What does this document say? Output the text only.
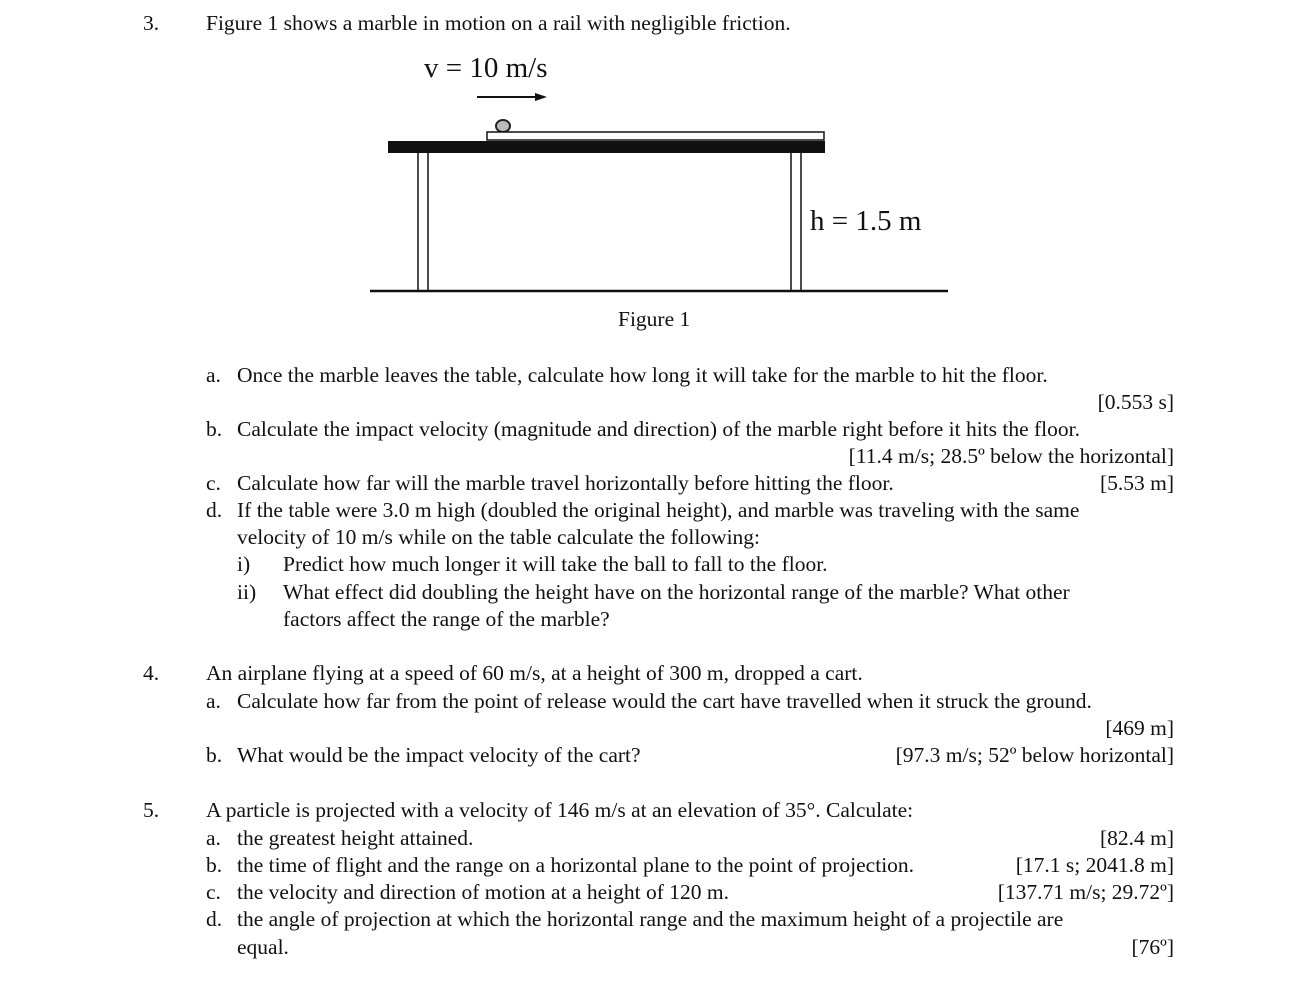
3. Figure 1 shows a marble in motion on a rail with negligible friction.
v = 10 m/s
h = 1.5 m
Figure 1
a. Once the marble leaves the table, calculate how long it will take for the marble to hit the floor.
[0.553 s]
b. Calculate the impact velocity (magnitude and direction) of the marble right before it hits the floor.
[11.4 m/s; 28.5º below the horizontal]
c. Calculate how far will the marble travel horizontally before hitting the floor.	[5.53 m]
d. If the table were 3.0 m high (doubled the original height), and marble was traveling with the same
velocity of 10 m/s while on the table calculate the following:
i) Predict how much longer it will take the ball to fall to the floor.
ii) What effect did doubling the height have on the horizontal range of the marble? What other
factors affect the range of the marble?
4. An airplane flying at a speed of 60 m/s, at a height of 300 m, dropped a cart.
a. Calculate how far from the point of release would the cart have travelled when it struck the ground.
[469 m]
b. What would be the impact velocity of the cart?	[97.3 m/s; 52º below horizontal]
5. A particle is projected with a velocity of 146 m/s at an elevation of 35°. Calculate:
a. the greatest height attained.	[82.4 m]
b. the time of flight and the range on a horizontal plane to the point of projection.	[17.1 s; 2041.8 m]
c. the velocity and direction of motion at a height of 120 m.	[137.71 m/s; 29.72º]
d. the angle of projection at which the horizontal range and the maximum height of a projectile are
equal.	[76º]
